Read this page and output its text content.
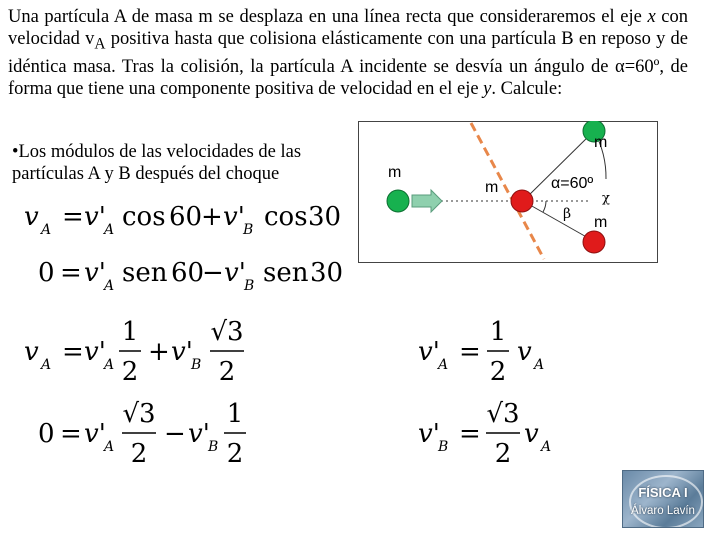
Una partícula A de masa m se desplaza en una línea recta que consideraremos el eje x con velocidad $v_A$ positiva hasta que colisiona elásticamente con una partícula B en reposo y de idéntica masa. Tras la colisión, la partícula A incidente se desvía un ángulo de α=60º, de forma que tiene una componente positiva de velocidad en el eje y. Calcule:
•Los módulos de las velocidades de las partículas A y B después del choque	m
m
m
m
α=60º
β
χ
v A = v'
A cos 60
+ v'
B cos 30
0 = v'
A sen 60
− v'
B sen 30
v A = v'
A
1
2
+ v'
B
√3
2
0 = v'
A
√3
2
− v'
B
1
2
v'
A =
1
2
v A
v'
B =
√3
2
v A
FÍSICA I
Álvaro Lavín
